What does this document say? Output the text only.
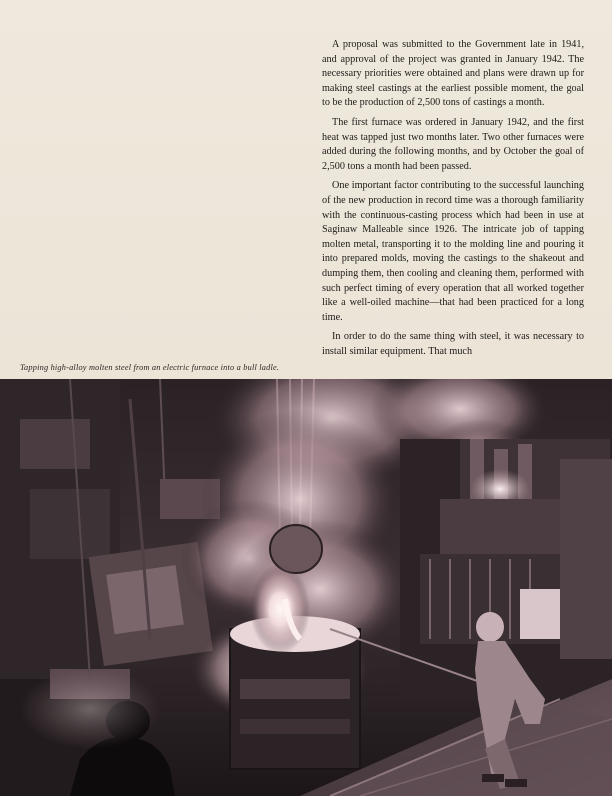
A proposal was submitted to the Government late in 1941, and approval of the project was granted in January 1942. The necessary priorities were obtained and plans were drawn up for making steel castings at the earliest possible moment, the goal to be the production of 2,500 tons of castings a month.

The first furnace was ordered in January 1942, and the first heat was tapped just two months later. Two other furnaces were added during the following months, and by October the goal of 2,500 tons a month had been passed.

One important factor contributing to the successful launching of the new production in record time was a thorough familiarity with the continuous-casting process which had been in use at Saginaw Malleable since 1926. The intricate job of tapping molten metal, transporting it to the molding line and pouring it into prepared molds, moving the castings to the shakeout and dumping them, then cooling and cleaning them, performed with such perfect timing of every operation that all worked together like a well-oiled machine—that had been practiced for a long time.

In order to do the same thing with steel, it was necessary to install similar equipment. That much

Tapping high-alloy molten steel from an electric furnace into a bull ladle.
